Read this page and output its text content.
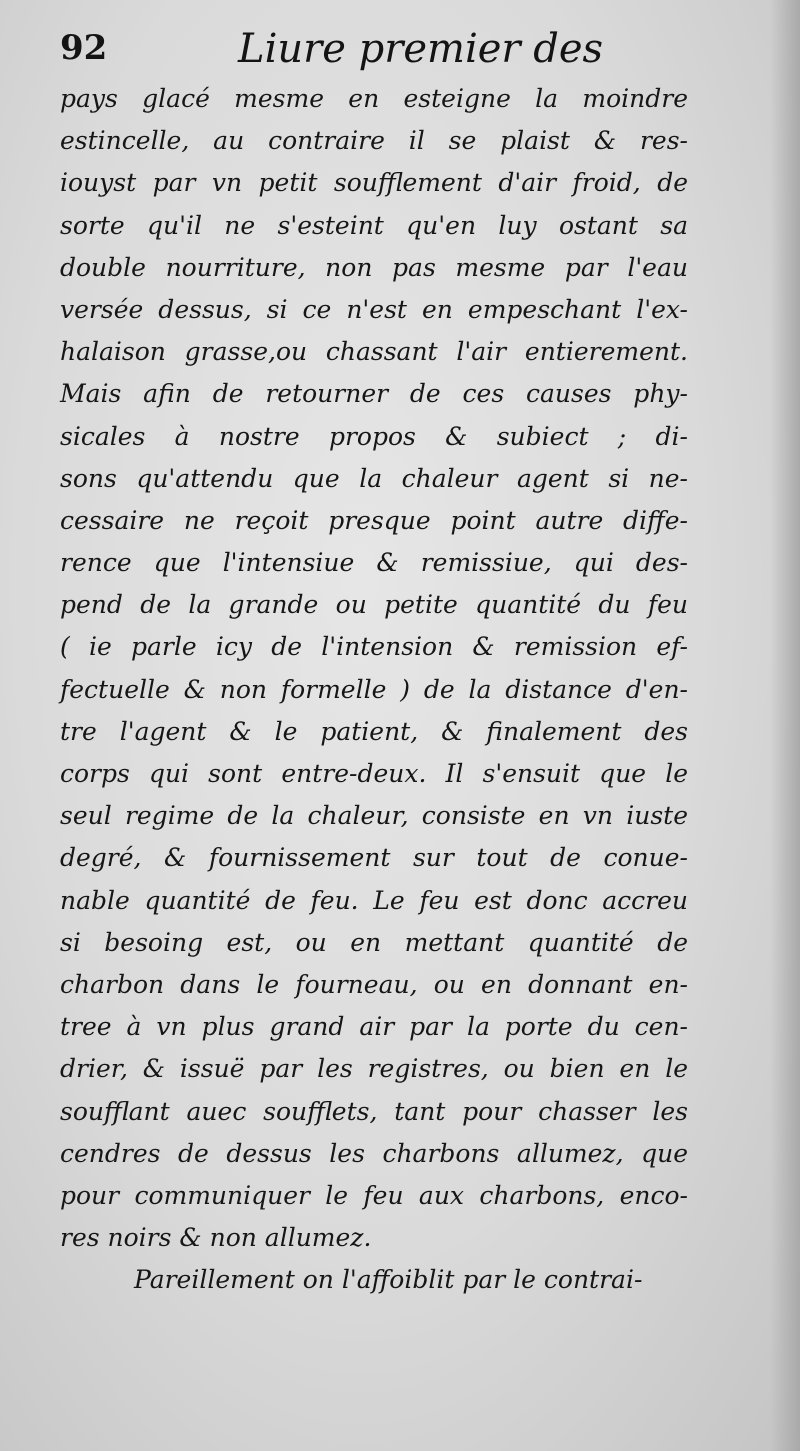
92	Liure premier des
pays glacé mesme en esteigne la moindre
estincelle, au contraire il se plaist & res-
iouyst par vn petit soufflement d'air froid, de
sorte qu'il ne s'esteint qu'en luy ostant sa
double nourriture, non pas mesme par l'eau
versée dessus, si ce n'est en empeschant l'ex-
halaison grasse,ou chassant l'air entierement.
Mais afin de retourner de ces causes phy-
sicales à nostre propos & subiect ; di-
sons qu'attendu que la chaleur agent si ne-
cessaire ne reçoit presque point autre diffe-
rence que l'intensiue & remissiue, qui des-
pend de la grande ou petite quantité du feu
( ie parle icy de l'intension & remission ef-
fectuelle & non formelle ) de la distance d'en-
tre l'agent & le patient, & finalement des
corps qui sont entre-deux. Il s'ensuit que le
seul regime de la chaleur, consiste en vn iuste
degré, & fournissement sur tout de conue-
nable quantité de feu. Le feu est donc accreu
si besoing est, ou en mettant quantité de
charbon dans le fourneau, ou en donnant en-
tree à vn plus grand air par la porte du cen-
drier, & issuë par les registres, ou bien en le
soufflant auec soufflets, tant pour chasser les
cendres de dessus les charbons allumez, que
pour communiquer le feu aux charbons, enco-
res noirs & non allumez.
Pareillement on l'affoiblit par le contrai-
